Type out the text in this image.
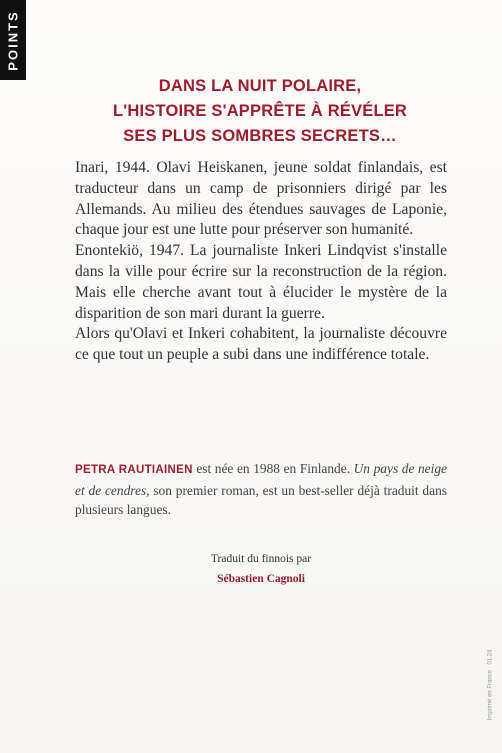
POINTS
DANS LA NUIT POLAIRE,
L'HISTOIRE S'APPRÊTE À RÉVÉLER
SES PLUS SOMBRES SECRETS…

Inari, 1944. Olavi Heiskanen, jeune soldat finlandais, est traducteur dans un camp de prisonniers dirigé par les Allemands. Au milieu des étendues sauvages de Laponie, chaque jour est une lutte pour préserver son humanité.

Enontekiö, 1947. La journaliste Inkeri Lindqvist s'installe dans la ville pour écrire sur la reconstruction de la région. Mais elle cherche avant tout à élucider le mystère de la disparition de son mari durant la guerre.

Alors qu'Olavi et Inkeri cohabitent, la journaliste découvre ce que tout un peuple a subi dans une indifférence totale.

PETRA RAUTIAINEN est née en 1988 en Finlande. Un pays de neige et de cendres, son premier roman, est un best-seller déjà traduit dans plusieurs langues.
Traduit du finnois par
Sébastien Cagnoli
Imprimé en France · 01.24
